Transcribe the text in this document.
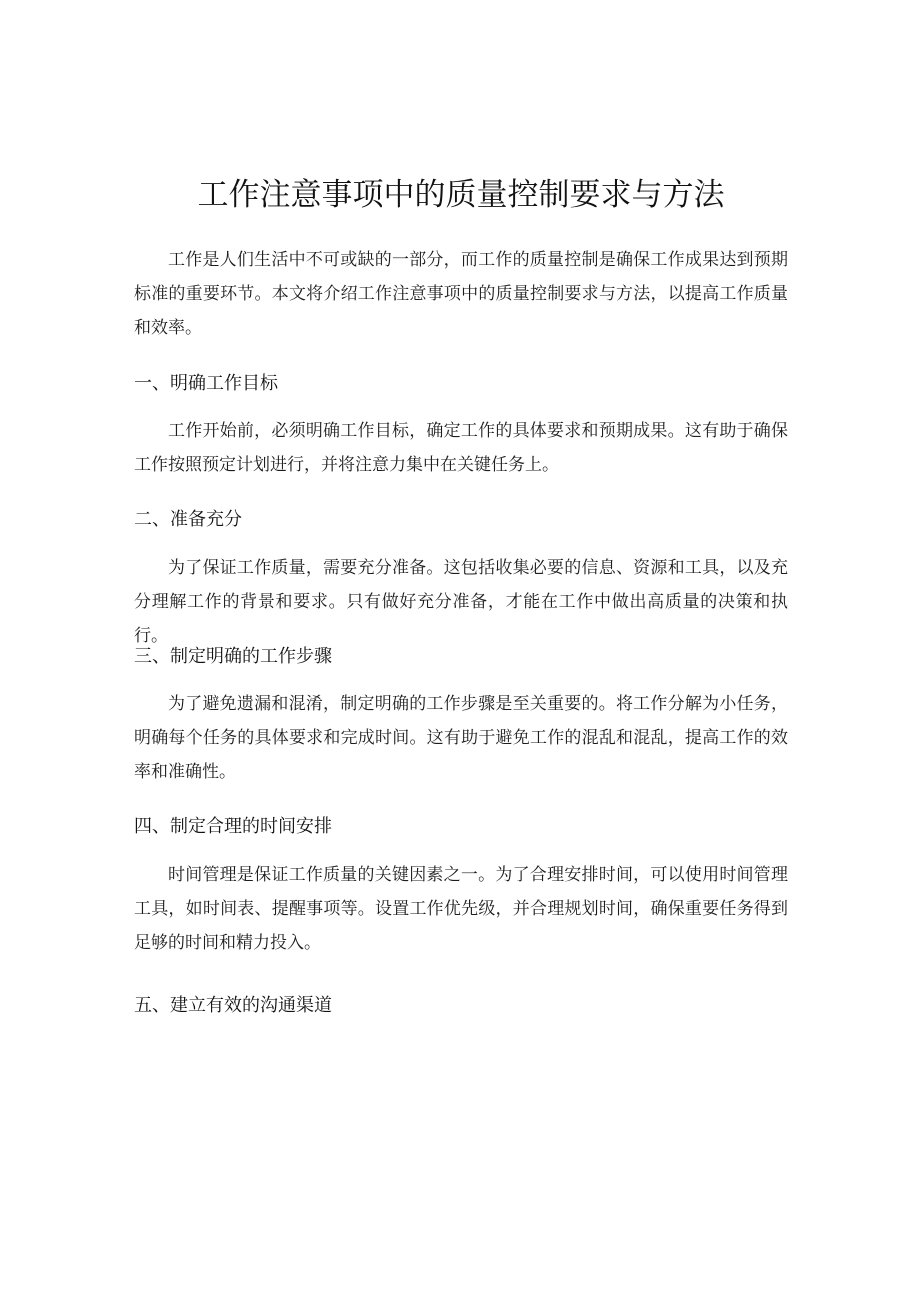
工作注意事项中的质量控制要求与方法

工作是人们生活中不可或缺的一部分，而工作的质量控制是确保工作成果达到预期标准的重要环节。本文将介绍工作注意事项中的质量控制要求与方法，以提高工作质量和效率。

一、明确工作目标

工作开始前，必须明确工作目标，确定工作的具体要求和预期成果。这有助于确保工作按照预定计划进行，并将注意力集中在关键任务上。

二、准备充分

为了保证工作质量，需要充分准备。这包括收集必要的信息、资源和工具，以及充分理解工作的背景和要求。只有做好充分准备，才能在工作中做出高质量的决策和执行。

三、制定明确的工作步骤

为了避免遗漏和混淆，制定明确的工作步骤是至关重要的。将工作分解为小任务，明确每个任务的具体要求和完成时间。这有助于避免工作的混乱和混乱，提高工作的效率和准确性。

四、制定合理的时间安排

时间管理是保证工作质量的关键因素之一。为了合理安排时间，可以使用时间管理工具，如时间表、提醒事项等。设置工作优先级，并合理规划时间，确保重要任务得到足够的时间和精力投入。

五、建立有效的沟通渠道
